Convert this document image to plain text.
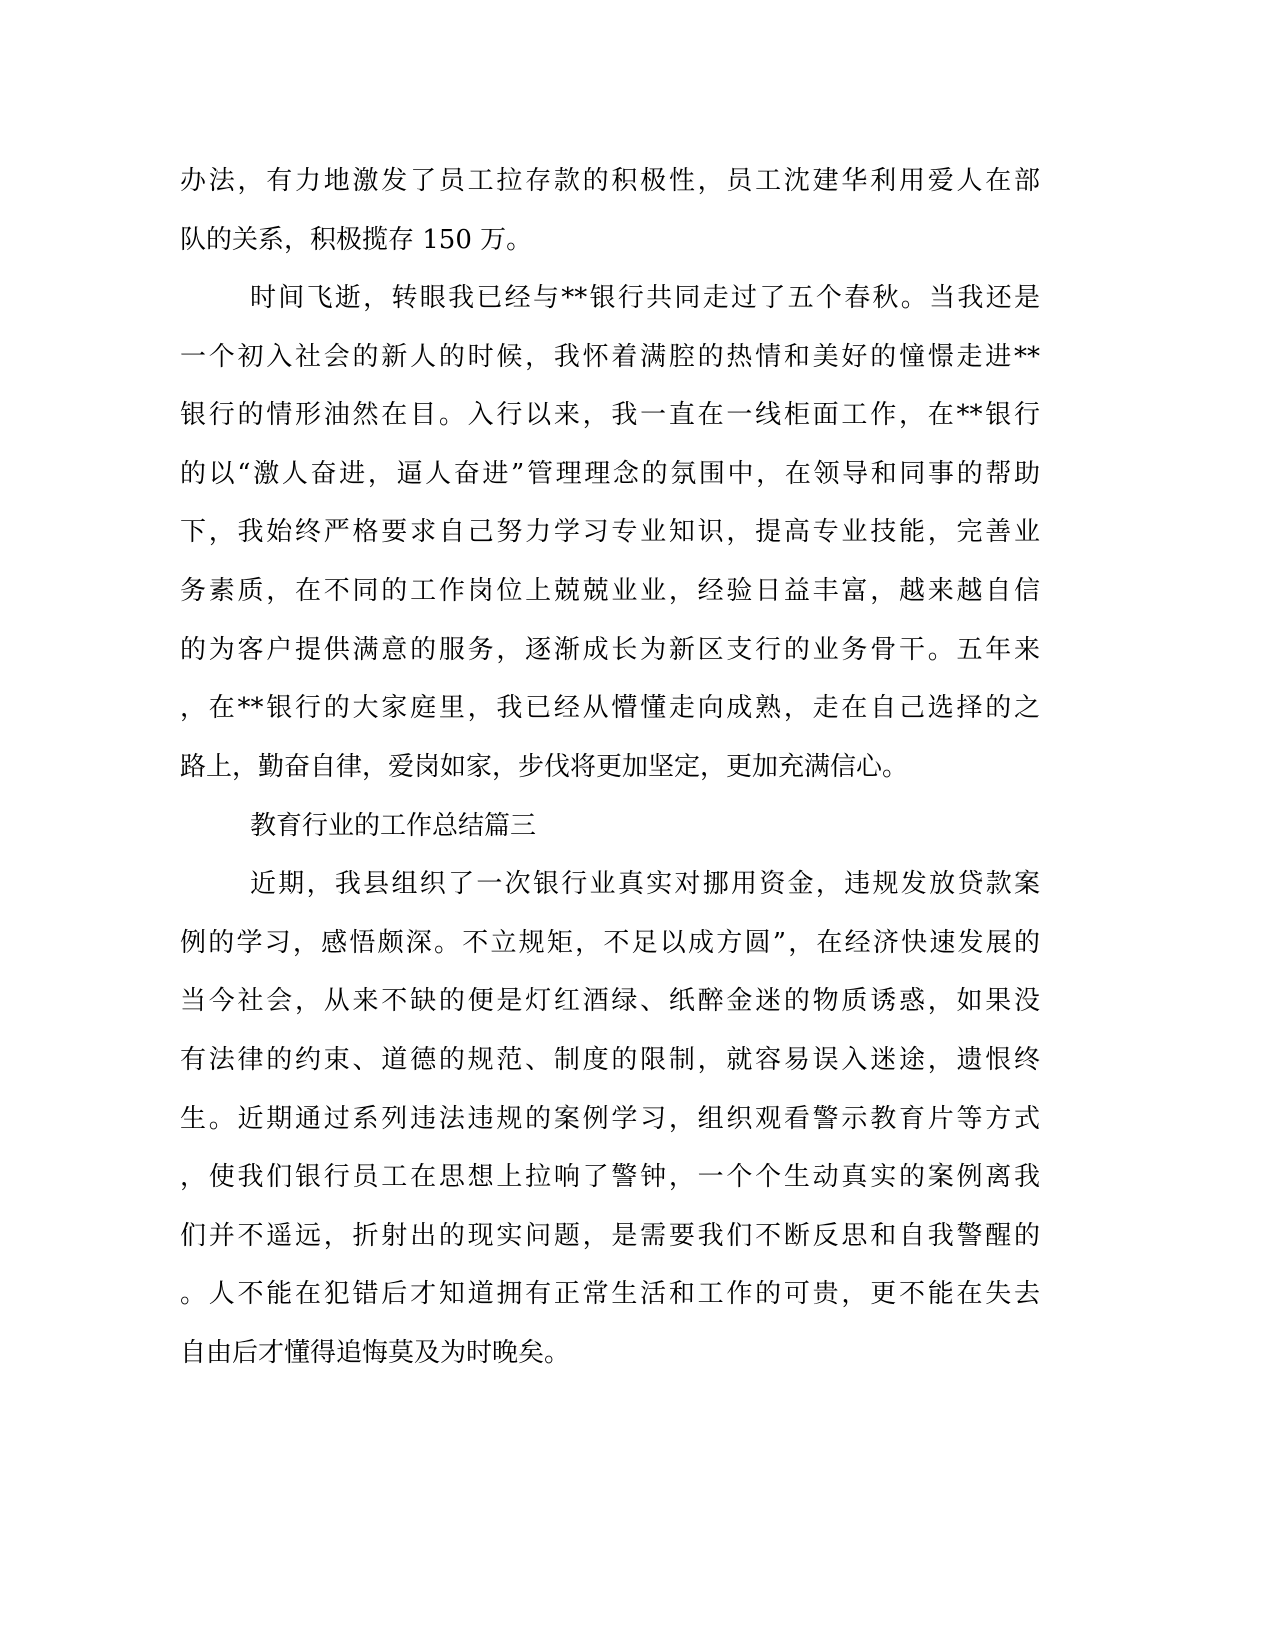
办法，有力地激发了员工拉存款的积极性，员工沈建华利用爱人在部
队的关系，积极揽存 150 万。
时间飞逝，转眼我已经与**银行共同走过了五个春秋。当我还是
一个初入社会的新人的时候，我怀着满腔的热情和美好的憧憬走进**
银行的情形油然在目。入行以来，我一直在一线柜面工作，在**银行
的以“激人奋进，逼人奋进”管理理念的氛围中，在领导和同事的帮助
下，我始终严格要求自己努力学习专业知识，提高专业技能，完善业
务素质，在不同的工作岗位上兢兢业业，经验日益丰富，越来越自信
的为客户提供满意的服务，逐渐成长为新区支行的业务骨干。五年来
，在**银行的大家庭里，我已经从懵懂走向成熟，走在自己选择的之
路上，勤奋自律，爱岗如家，步伐将更加坚定，更加充满信心。
教育行业的工作总结篇三
近期，我县组织了一次银行业真实对挪用资金，违规发放贷款案
例的学习，感悟颇深。不立规矩，不足以成方圆”，在经济快速发展的
当今社会，从来不缺的便是灯红酒绿、纸醉金迷的物质诱惑，如果没
有法律的约束、道德的规范、制度的限制，就容易误入迷途，遗恨终
生。近期通过系列违法违规的案例学习，组织观看警示教育片等方式
，使我们银行员工在思想上拉响了警钟，一个个生动真实的案例离我
们并不遥远，折射出的现实问题，是需要我们不断反思和自我警醒的
。人不能在犯错后才知道拥有正常生活和工作的可贵，更不能在失去
自由后才懂得追悔莫及为时晚矣。
